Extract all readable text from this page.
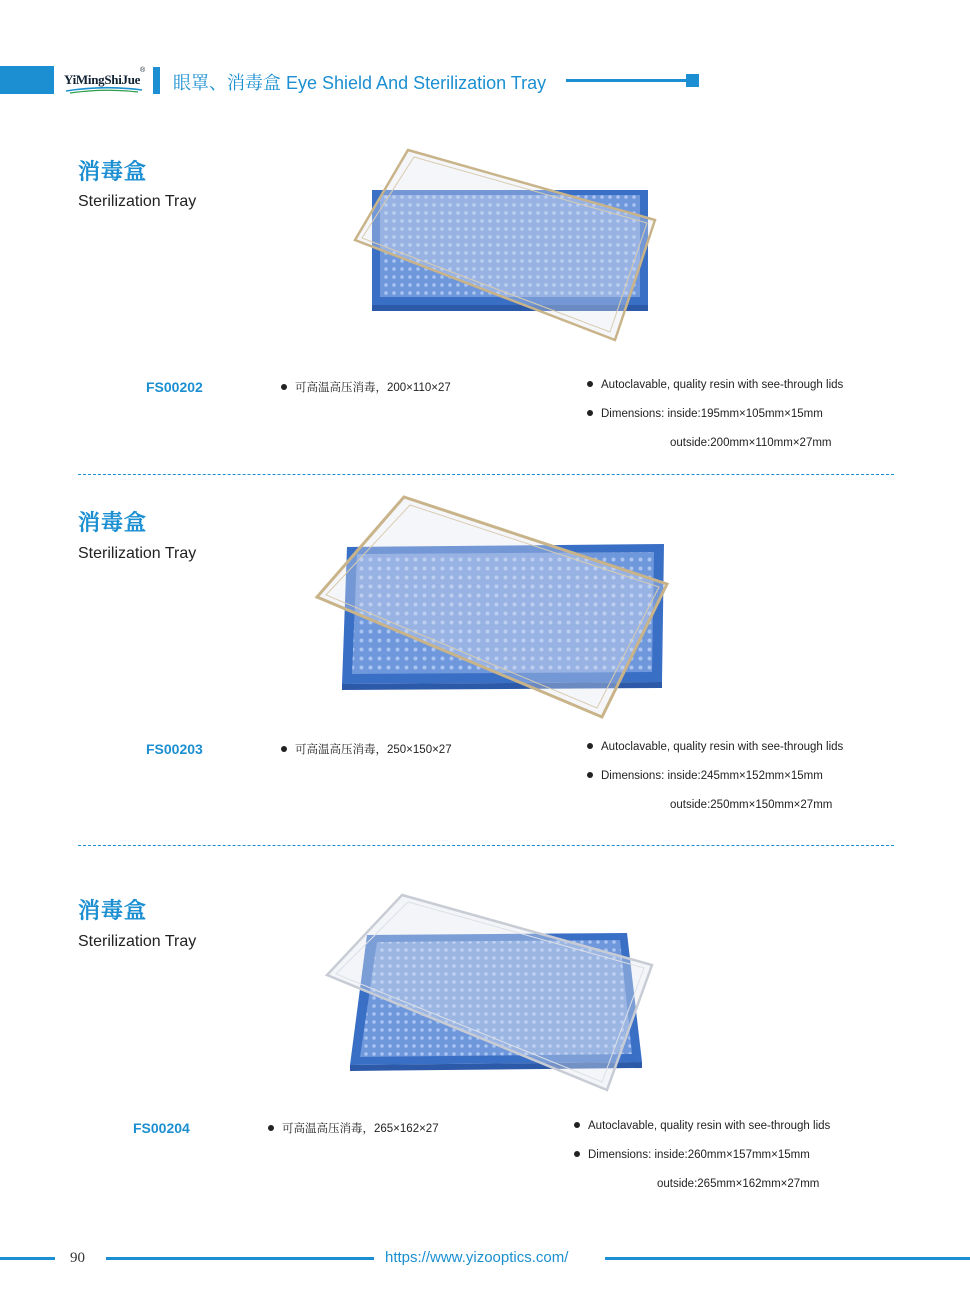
YiMingShiJue
®
眼罩、消毒盒 Eye Shield And Sterilization Tray
消毒盒
Sterilization Tray
FS00202	可高温高压消毒，200×110×27	Autoclavable, quality resin with see-through lids
Dimensions: inside:195mm×105mm×15mm
outside:200mm×110mm×27mm
消毒盒
Sterilization Tray
FS00203	可高温高压消毒，250×150×27	Autoclavable, quality resin with see-through lids
Dimensions: inside:245mm×152mm×15mm
outside:250mm×150mm×27mm
消毒盒
Sterilization Tray
FS00204	可高温高压消毒，265×162×27	Autoclavable, quality resin with see-through lids
Dimensions: inside:260mm×157mm×15mm
outside:265mm×162mm×27mm
90	https://www.yizooptics.com/
